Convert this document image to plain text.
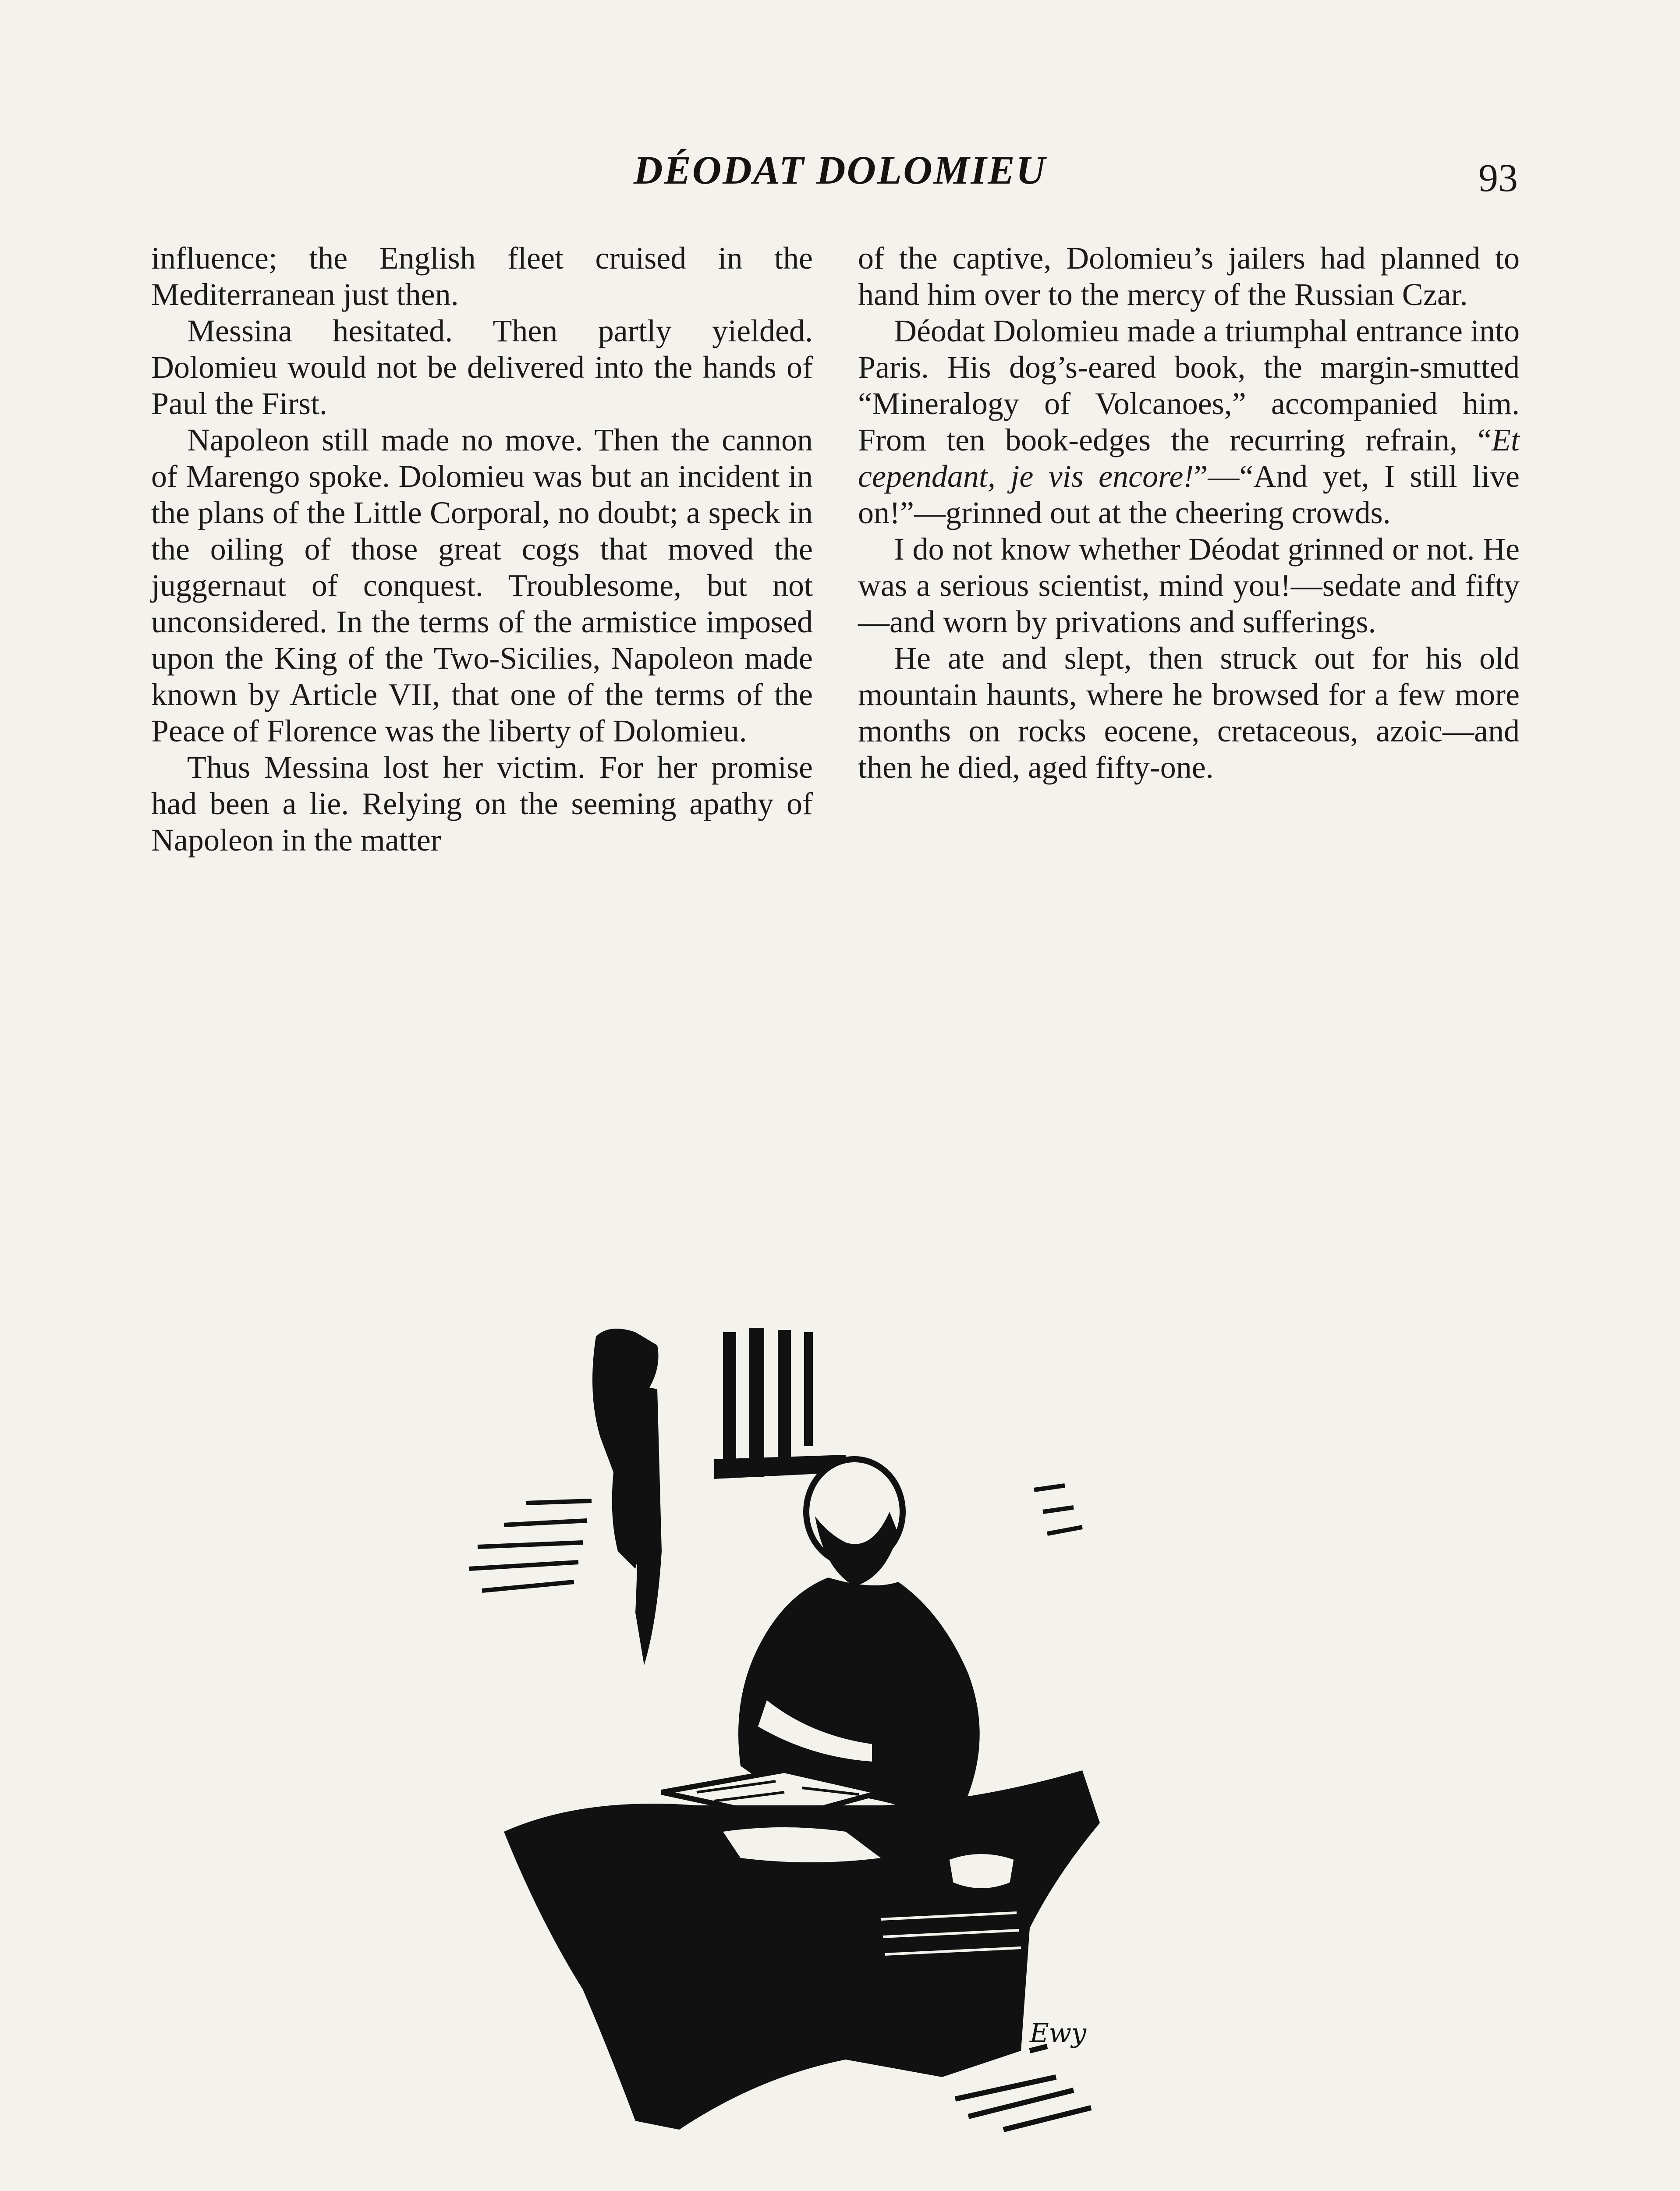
DÉODAT DOLOMIEU	93

influence; the English fleet cruised in the Mediterranean just then.

Messina hesitated. Then partly yielded. Dolomieu would not be delivered into the hands of Paul the First.

Napoleon still made no move. Then the cannon of Marengo spoke. Dolomieu was but an incident in the plans of the Little Corporal, no doubt; a speck in the oiling of those great cogs that moved the juggernaut of conquest. Troublesome, but not unconsidered. In the terms of the armistice imposed upon the King of the Two-Sicilies, Napoleon made known by Article VII, that one of the terms of the Peace of Florence was the liberty of Dolomieu.

Thus Messina lost her victim. For her promise had been a lie. Relying on the seeming apathy of Napoleon in the matter

of the captive, Dolomieu’s jailers had planned to hand him over to the mercy of the Russian Czar.

Déodat Dolomieu made a triumphal entrance into Paris. His dog’s-eared book, the margin-smutted “Mineralogy of Volcanoes,” accompanied him. From ten book-edges the recurring refrain, “Et cependant, je vis encore!”—“And yet, I still live on!”—grinned out at the cheering crowds.

I do not know whether Déodat grinned or not. He was a serious scientist, mind you!—sedate and fifty—and worn by privations and sufferings.

He ate and slept, then struck out for his old mountain haunts, where he browsed for a few more months on rocks eocene, cretaceous, azoic—and then he died, aged fifty-one.

Ewy
